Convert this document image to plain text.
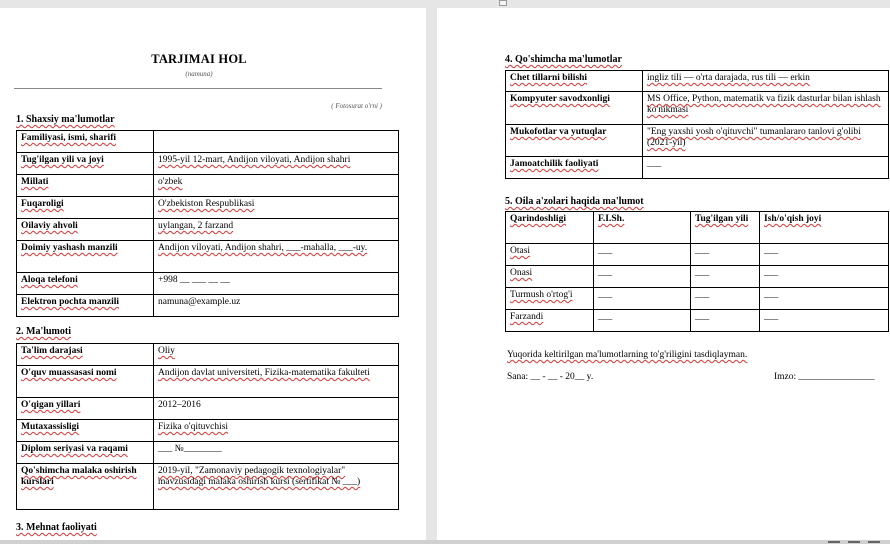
TARJIMAI HOL
(namuna)
( Fotosurat o'rni )
1. Shaxsiy ma'lumotlar
Familiyasi, ismi, sharifi	
Tug'ilgan yili va joyi	1995-yil 12-mart, Andijon viloyati, Andijon shahri
Millati	o'zbek
Fuqaroligi	O'zbekiston Respublikasi
Oilaviy ahvoli	uylangan, 2 farzand
Doimiy yashash manzili	Andijon viloyati, Andijon shahri, ___-mahalla, ___-uy.
Aloqa telefoni	+998 __ ___ __ __
Elektron pochta manzili	namuna@example.uz
2. Ma'lumoti
Ta'lim darajasi	Oliy
O'quv muassasasi nomi	Andijon davlat universiteti, Fizika-matematika fakulteti
O'qigan yillari	2012–2016
Mutaxassisligi	Fizika o'qituvchisi
Diplom seriyasi va raqami	___ №________
Qo'shimcha malaka oshirish kurslari	2019-yil, "Zamonaviy pedagogik texnologiyalar" mavzusidagi malaka oshirish kursi (sertifikat № ___)
3. Mehnat faoliyati
4. Qo'shimcha ma'lumotlar
Chet tillarni bilishi	ingliz tili — o'rta darajada, rus tili — erkin
Kompyuter savodxonligi	MS Office, Python, matematik va fizik dasturlar bilan ishlash ko'nikmasi
Mukofotlar va yutuqlar	"Eng yaxshi yosh o'qituvchi" tumanlararo tanlovi g'olibi (2021-yil)
Jamoatchilik faoliyati	___
5. Oila a'zolari haqida ma'lumot
Qarindoshligi	F.I.Sh.	Tug'ilgan yili	Ish/o'qish joyi
Otasi	___	___	___
Onasi	___	___	___
Turmush o'rtog'i	___	___	___
Farzandi	___	___	___
Yuqorida keltirilgan ma'lumotlarning to'g'riligini tasdiqlayman.
Sana: __ - __ - 20__ y.	Imzo: ________________
